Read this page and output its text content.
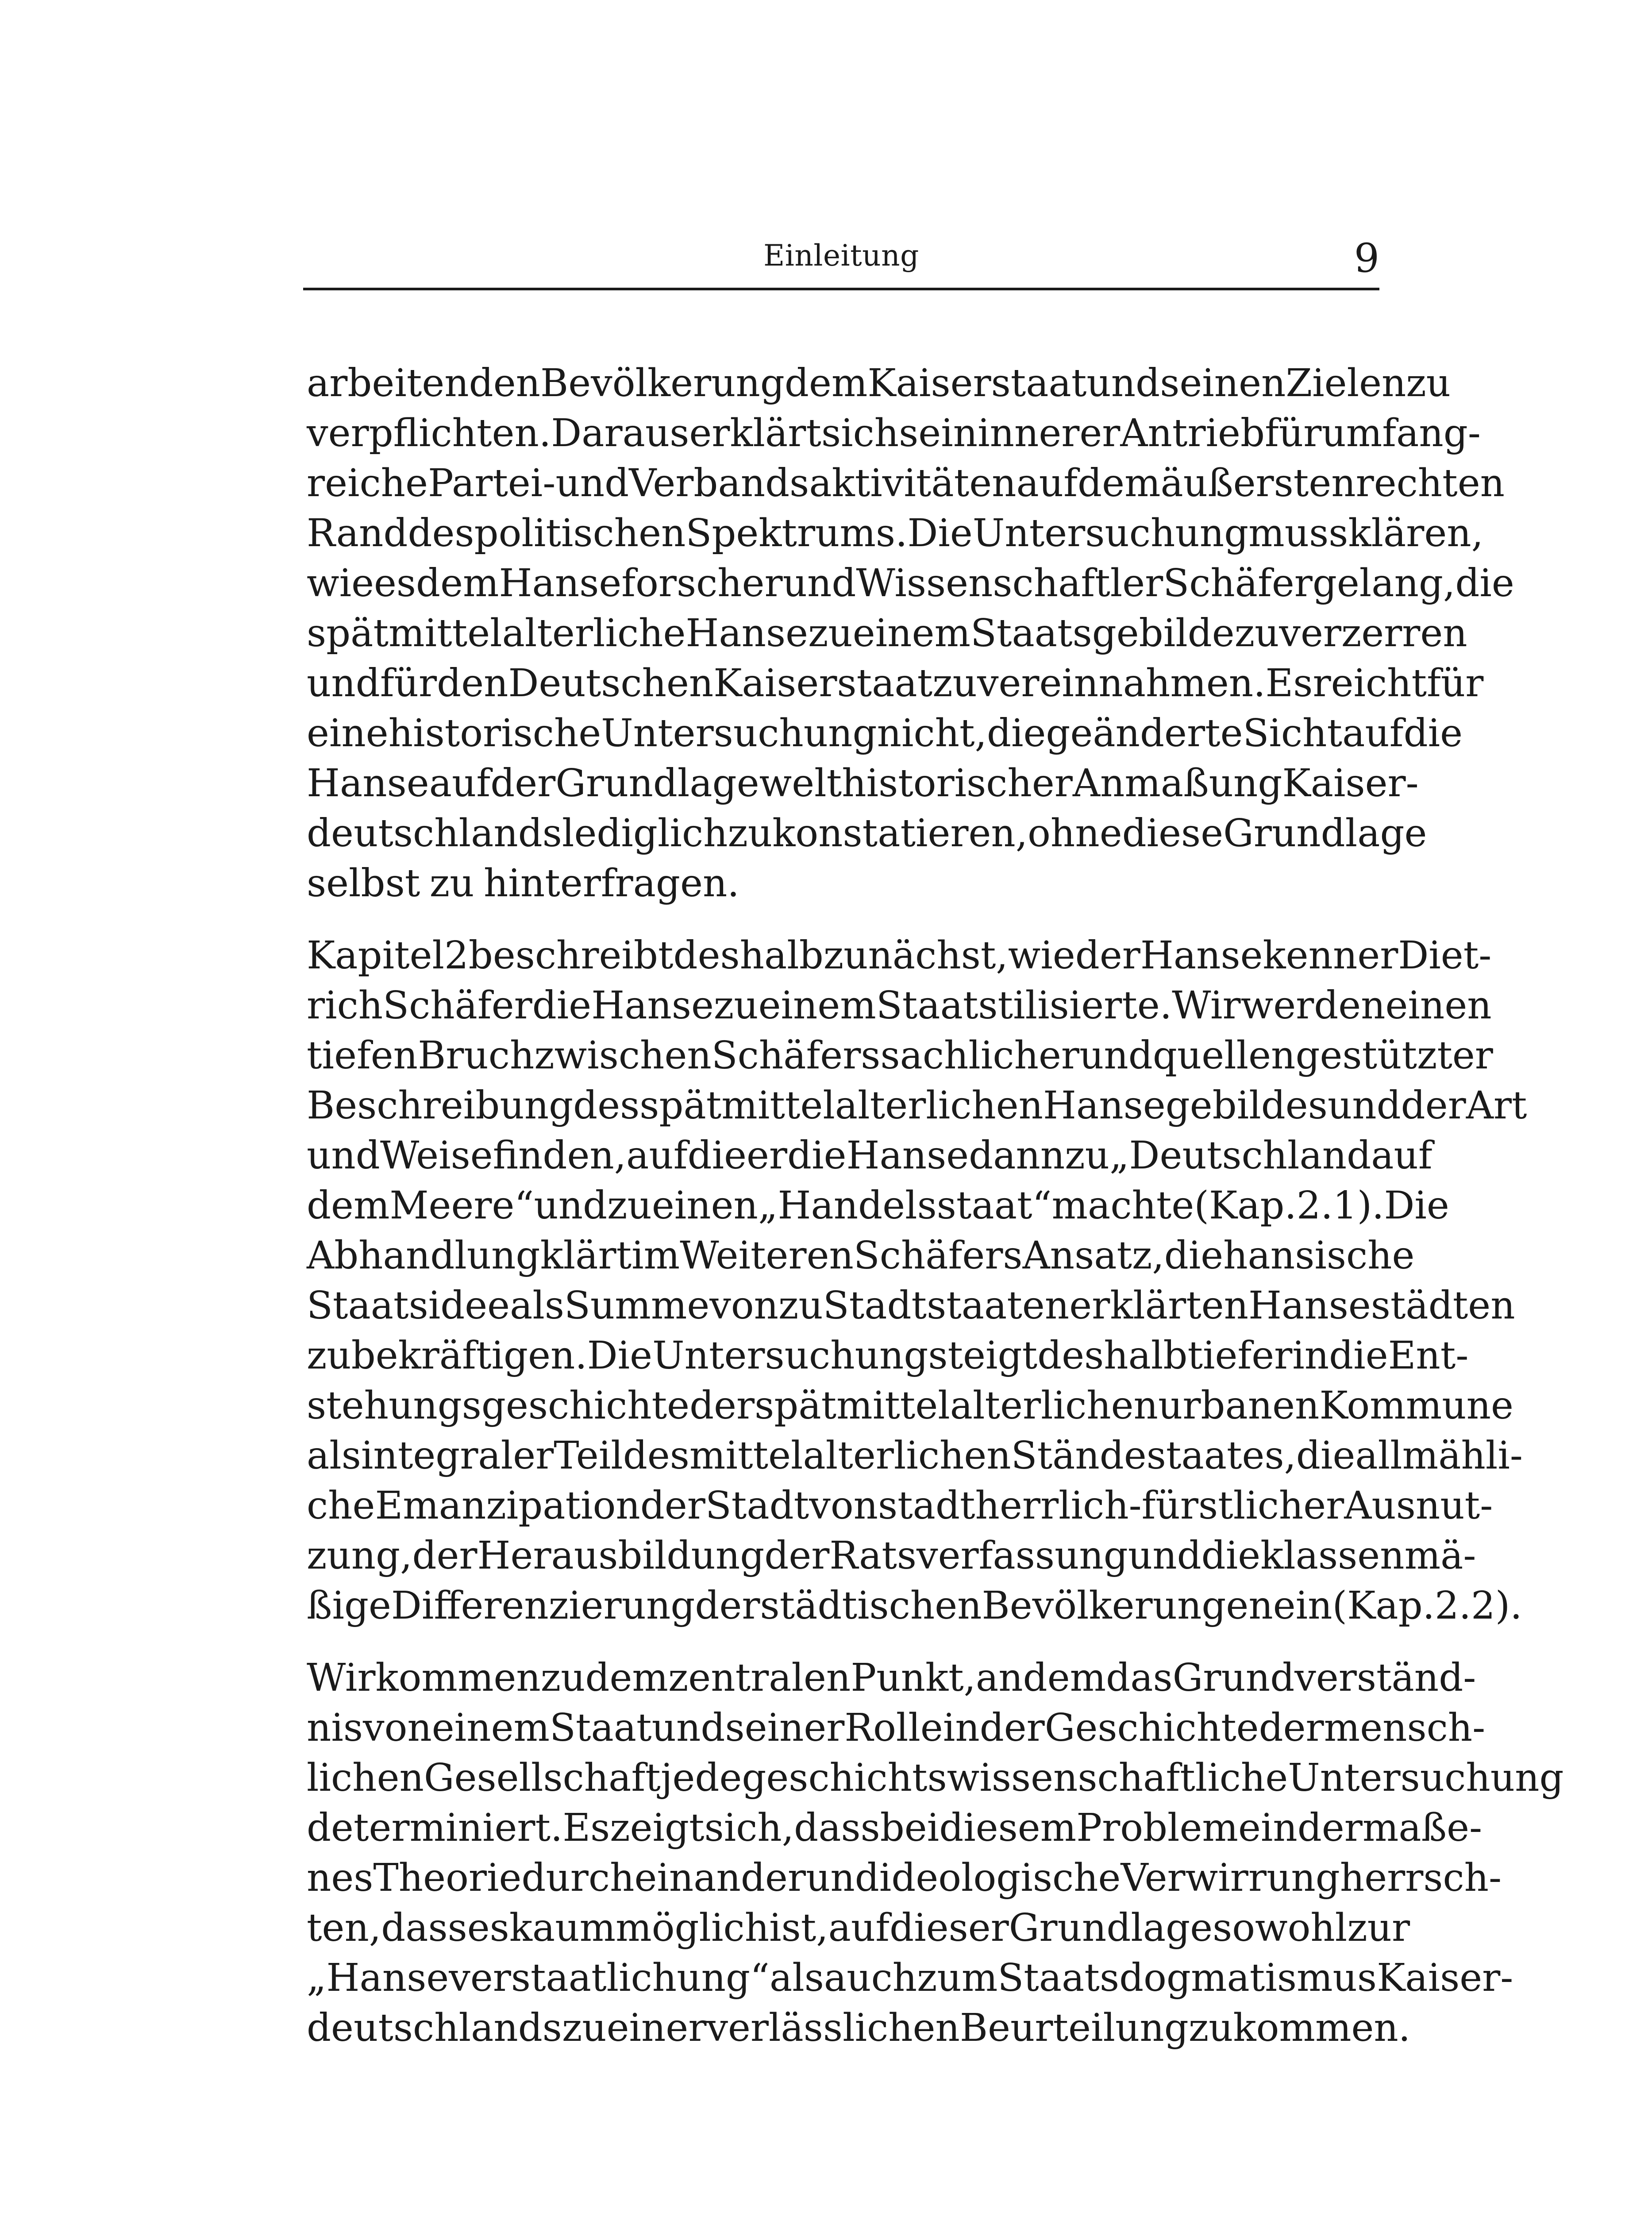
Einleitung	9
arbeitenden Bevölkerung dem Kaiserstaat und seinen Zielen zu
verpflichten. Daraus erklärt sich sein innerer Antrieb für umfang-
reiche Partei- und Verbandsaktivitäten auf dem äußersten rechten
Rand des politischen Spektrums. Die Untersuchung muss klären,
wie es dem Hanseforscher und Wissenschaftler Schäfer gelang, die
spätmittelalterliche Hanse zu einem Staatsgebilde zu verzerren
und für den Deutschen Kaiserstaat zu vereinnahmen. Es reicht für
eine historische Untersuchung nicht, die geänderte Sicht auf die
Hanse auf der Grundlage welthistorischer Anmaßung Kaiser-
deutschlands lediglich zu konstatieren, ohne diese Grundlage
selbst zu hinterfragen.
Kapitel 2 beschreibt deshalb zunächst, wie der Hansekenner Diet-
rich Schäfer die Hanse zu einem Staat stilisierte. Wir werden einen
tiefen Bruch zwischen Schäfers sachlicher und quellengestützter
Beschreibung des spätmittelalterlichen Hansegebildes und der Art
und Weise finden, auf die er die Hanse dann zu „Deutschland auf
dem Meere“ und zu einen „Handelsstaat“ machte (Kap. 2.1). Die
Abhandlung klärt im Weiteren Schäfers Ansatz, die hansische
Staatsidee als Summe von zu Stadtstaaten erklärten Hansestädten
zu bekräftigen. Die Untersuchung steigt deshalb tiefer in die Ent-
stehungsgeschichte der spätmittelalterlichen urbanen Kommune
als integraler Teil des mittelalterlichen Ständestaates, die allmähli-
che Emanzipation der Stadt von stadtherrlich-fürstlicher Ausnut-
zung, der Herausbildung der Ratsverfassung und die klassenmä-
ßige Differenzierung der städtischen Bevölkerungen ein (Kap. 2.2).
Wir kommen zu dem zentralen Punkt, an dem das Grundverständ-
nis von einem Staat und seiner Rolle in der Geschichte der mensch-
lichen Gesellschaft jede geschichtswissenschaftliche Untersuchung
determiniert. Es zeigt sich, dass bei diesem Problem ein dermaße-
nes Theoriedurcheinander und ideologische Verwirrung herrsch-
ten, dass es kaum möglich ist, auf dieser Grundlage sowohl zur
„Hanseverstaatlichung“ als auch zum Staatsdogmatismus Kaiser-
deutschlands zu einer verlässlichen Beurteilung zu kommen.
